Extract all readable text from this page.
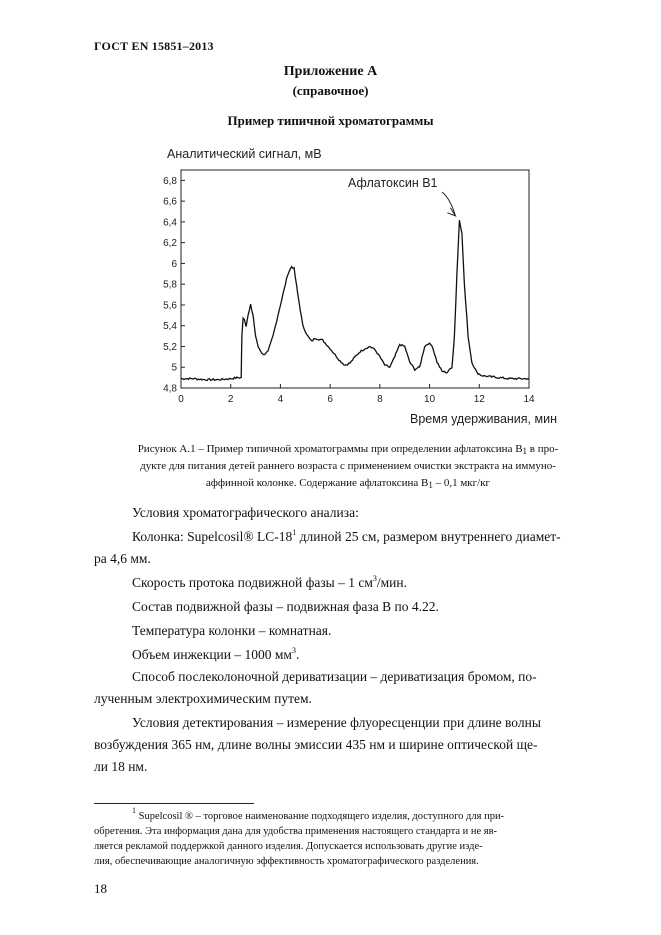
ГОСТ EN 15851–2013
Приложение А
(справочное)
Пример типичной хроматограммы
4,8
5
5,2
5,4
5,6
5,8
6
6,2
6,4
6,6
6,8
0	2	4	6	8	10	12	14
Аналитический сигнал, мВ
Время удерживания, мин
Афлатоксин B1
Рисунок А.1 – Пример типичной хроматограммы при определении афлатоксина $B_1$ в про-
дукте для питания детей раннего возраста с применением очистки экстракта на иммуно-
аффинной колонке. Содержание афлатоксина $B_1 - 0,1$ мкг/кг
Условия хроматографического анализа:
Колонка: Supelcosil® $LC-18^1$ длиной 25 см, размером внутреннего диамет-
ра 4,6 мм.
Скорость протока подвижной фазы – 1 $см^3$/мин.
Состав подвижной фазы – подвижная фаза B по 4.22.
Температура колонки – комнатная.
Объем инжекции – 1000 $мм^3$.
Способ послеколоночной дериватизации – дериватизация бромом, по-
лученным электрохимическим путем.
Условия детектирования – измерение флуоресценции при длине волны
возбуждения 365 нм, длине волны эмиссии 435 нм и ширине оптической ще-
ли 18 нм.
$^1$ Supelcosil ® – торговое наименование подходящего изделия, доступного для при-
обретения. Эта информация дана для удобства применения настоящего стандарта и не яв-
ляется рекламой поддержкой данного изделия. Допускается использовать другие изде-
лия, обеспечивающие аналогичную эффективность хроматографического разделения.
18
